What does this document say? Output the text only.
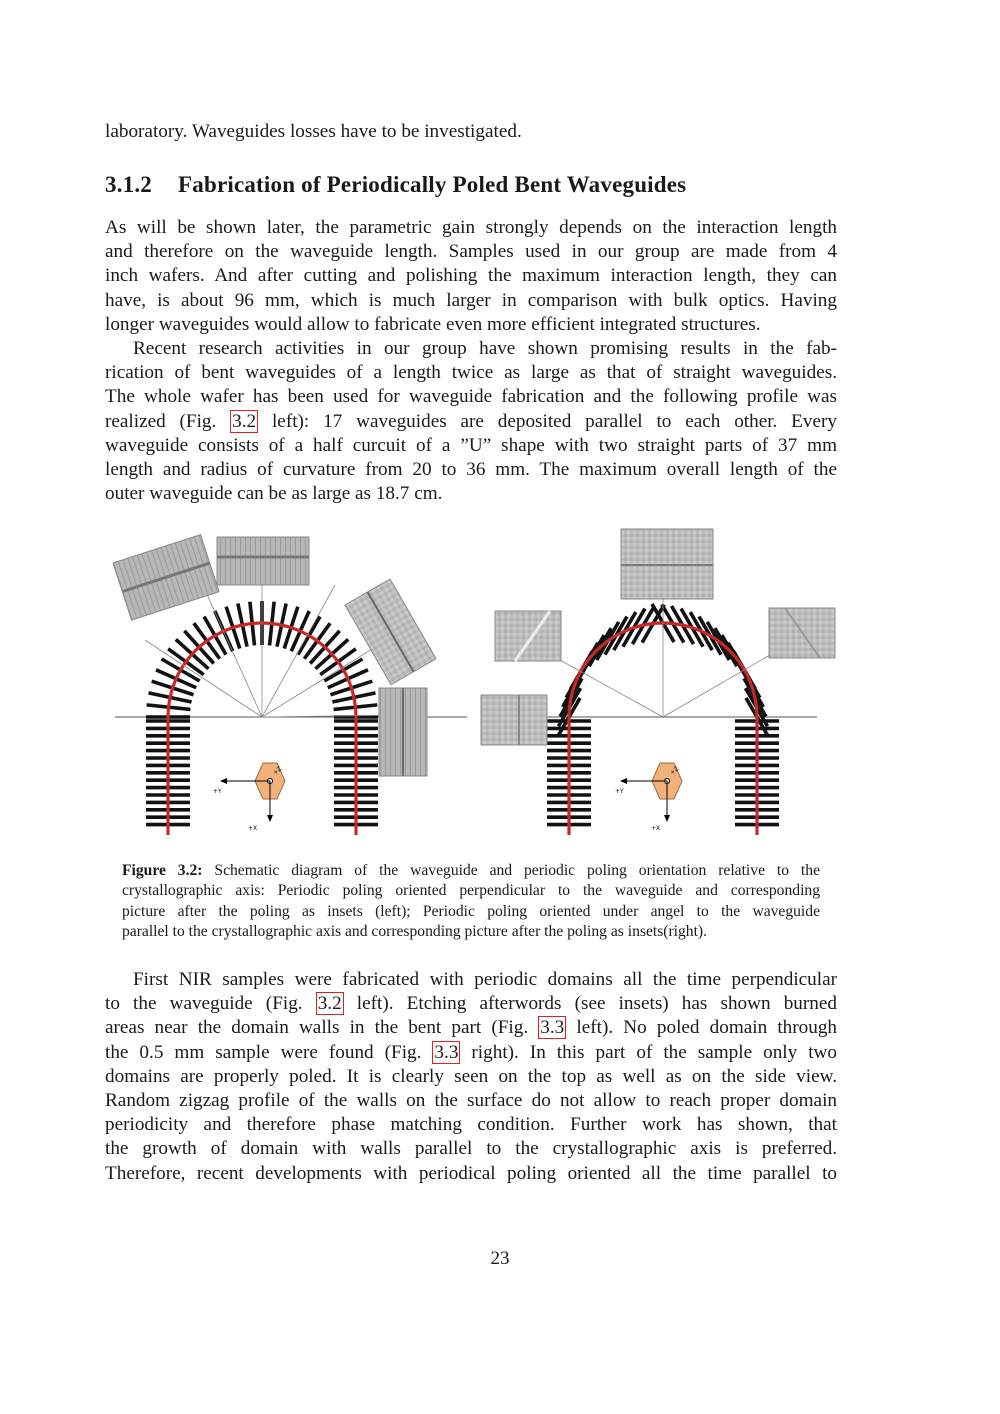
laboratory. Waveguides losses have to be investigated.
3.1.2 Fabrication of Periodically Poled Bent Waveguides
As will be shown later, the parametric gain strongly depends on the interaction length
and therefore on the waveguide length. Samples used in our group are made from 4
inch wafers. And after cutting and polishing the maximum interaction length, they can
have, is about 96 mm, which is much larger in comparison with bulk optics. Having
longer waveguides would allow to fabricate even more efficient integrated structures.
Recent research activities in our group have shown promising results in the fab-
rication of bent waveguides of a length twice as large as that of straight waveguides.
The whole wafer has been used for waveguide fabrication and the following profile was
realized (Fig. 3.2 left): 17 waveguides are deposited parallel to each other. Every
waveguide consists of a half curcuit of a ”U” shape with two straight parts of 37 mm
length and radius of curvature from 20 to 36 mm. The maximum overall length of the
outer waveguide can be as large as 18.7 cm.
+Y
+X
+Z
+Y
+X
+Z
Figure 3.2: Schematic diagram of the waveguide and periodic poling orientation relative to the
crystallographic axis: Periodic poling oriented perpendicular to the waveguide and corresponding
picture after the poling as insets (left); Periodic poling oriented under angel to the waveguide
parallel to the crystallographic axis and corresponding picture after the poling as insets(right).
First NIR samples were fabricated with periodic domains all the time perpendicular
to the waveguide (Fig. 3.2 left). Etching afterwords (see insets) has shown burned
areas near the domain walls in the bent part (Fig. 3.3 left). No poled domain through
the 0.5 mm sample were found (Fig. 3.3 right). In this part of the sample only two
domains are properly poled. It is clearly seen on the top as well as on the side view.
Random zigzag profile of the walls on the surface do not allow to reach proper domain
periodicity and therefore phase matching condition. Further work has shown, that
the growth of domain with walls parallel to the crystallographic axis is preferred.
Therefore, recent developments with periodical poling oriented all the time parallel to
23
